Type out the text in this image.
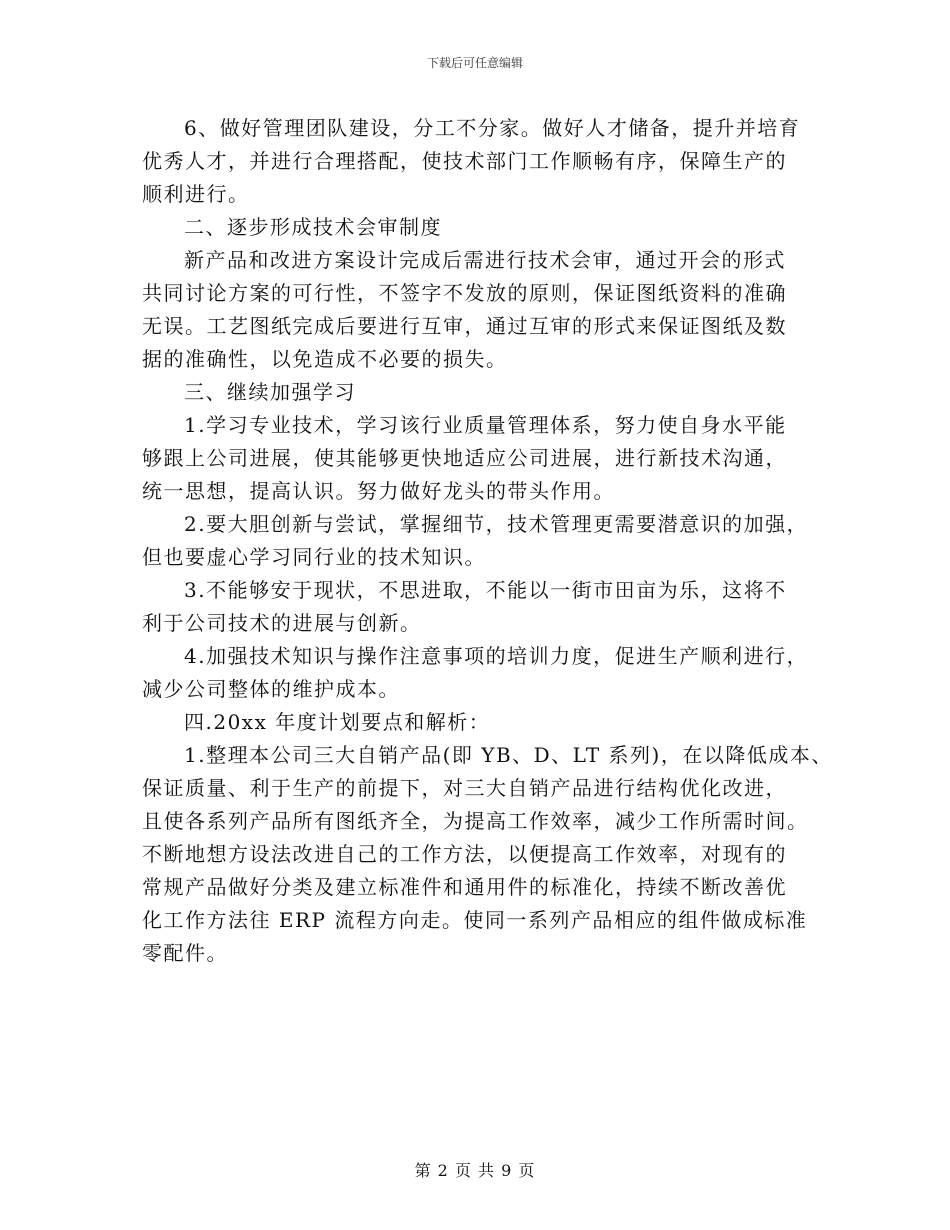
下载后可任意编辑

6、做好管理团队建设，分工不分家。做好人才储备，提升并培育
优秀人才，并进行合理搭配，使技术部门工作顺畅有序，保障生产的
顺利进行。

二、逐步形成技术会审制度

新产品和改进方案设计完成后需进行技术会审，通过开会的形式
共同讨论方案的可行性，不签字不发放的原则，保证图纸资料的准确
无误。工艺图纸完成后要进行互审，通过互审的形式来保证图纸及数
据的准确性，以免造成不必要的损失。

三、继续加强学习

1.学习专业技术，学习该行业质量管理体系，努力使自身水平能
够跟上公司进展，使其能够更快地适应公司进展，进行新技术沟通，
统一思想，提高认识。努力做好龙头的带头作用。

2.要大胆创新与尝试，掌握细节，技术管理更需要潜意识的加强，
但也要虚心学习同行业的技术知识。

3.不能够安于现状，不思进取，不能以一街市田亩为乐，这将不
利于公司技术的进展与创新。

4.加强技术知识与操作注意事项的培训力度，促进生产顺利进行，
减少公司整体的维护成本。

四.20xx 年度计划要点和解析：

1.整理本公司三大自销产品(即 YB、D、LT 系列)，在以降低成本、
保证质量、利于生产的前提下，对三大自销产品进行结构优化改进，
且使各系列产品所有图纸齐全，为提高工作效率，减少工作所需时间。
不断地想方设法改进自己的工作方法，以便提高工作效率，对现有的
常规产品做好分类及建立标准件和通用件的标准化，持续不断改善优
化工作方法往 ERP 流程方向走。使同一系列产品相应的组件做成标准
零配件。

第 2 页 共 9 页
